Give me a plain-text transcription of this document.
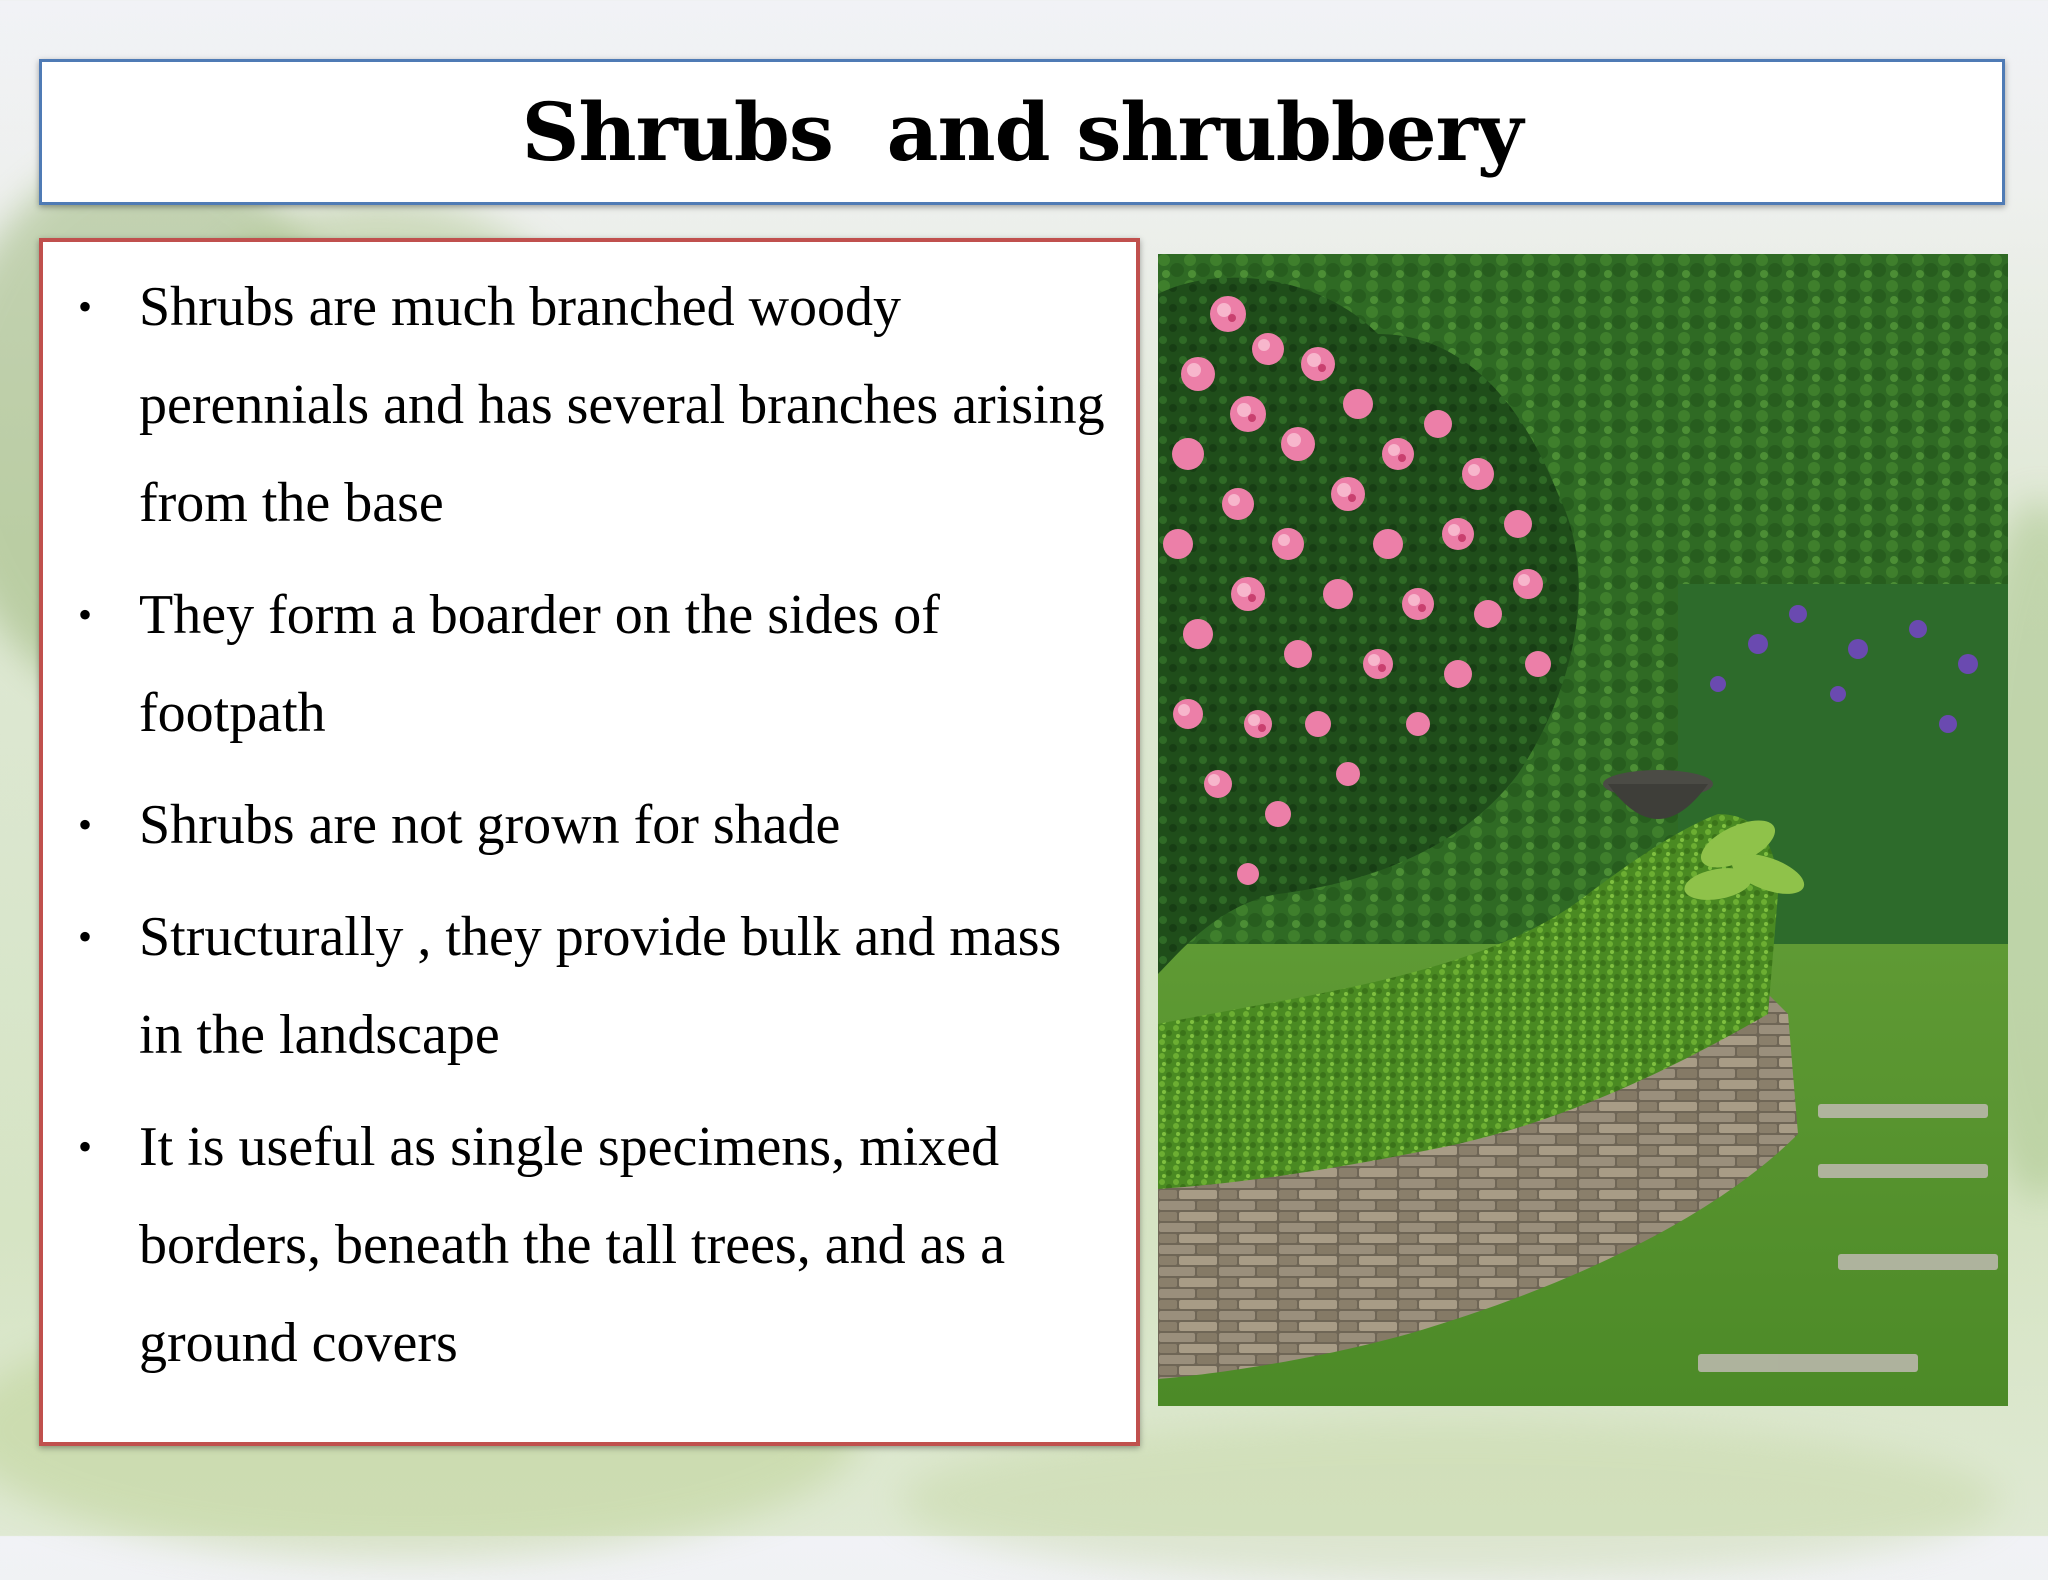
Shrubs  and shrubbery
• Shrubs are much branched woody perennials and has several branches arising from the base
• They form a boarder on the sides of footpath
• Shrubs are not grown for shade
• Structurally , they provide bulk and mass in the landscape
• It is useful as single specimens, mixed borders, beneath the tall trees, and as a ground covers
